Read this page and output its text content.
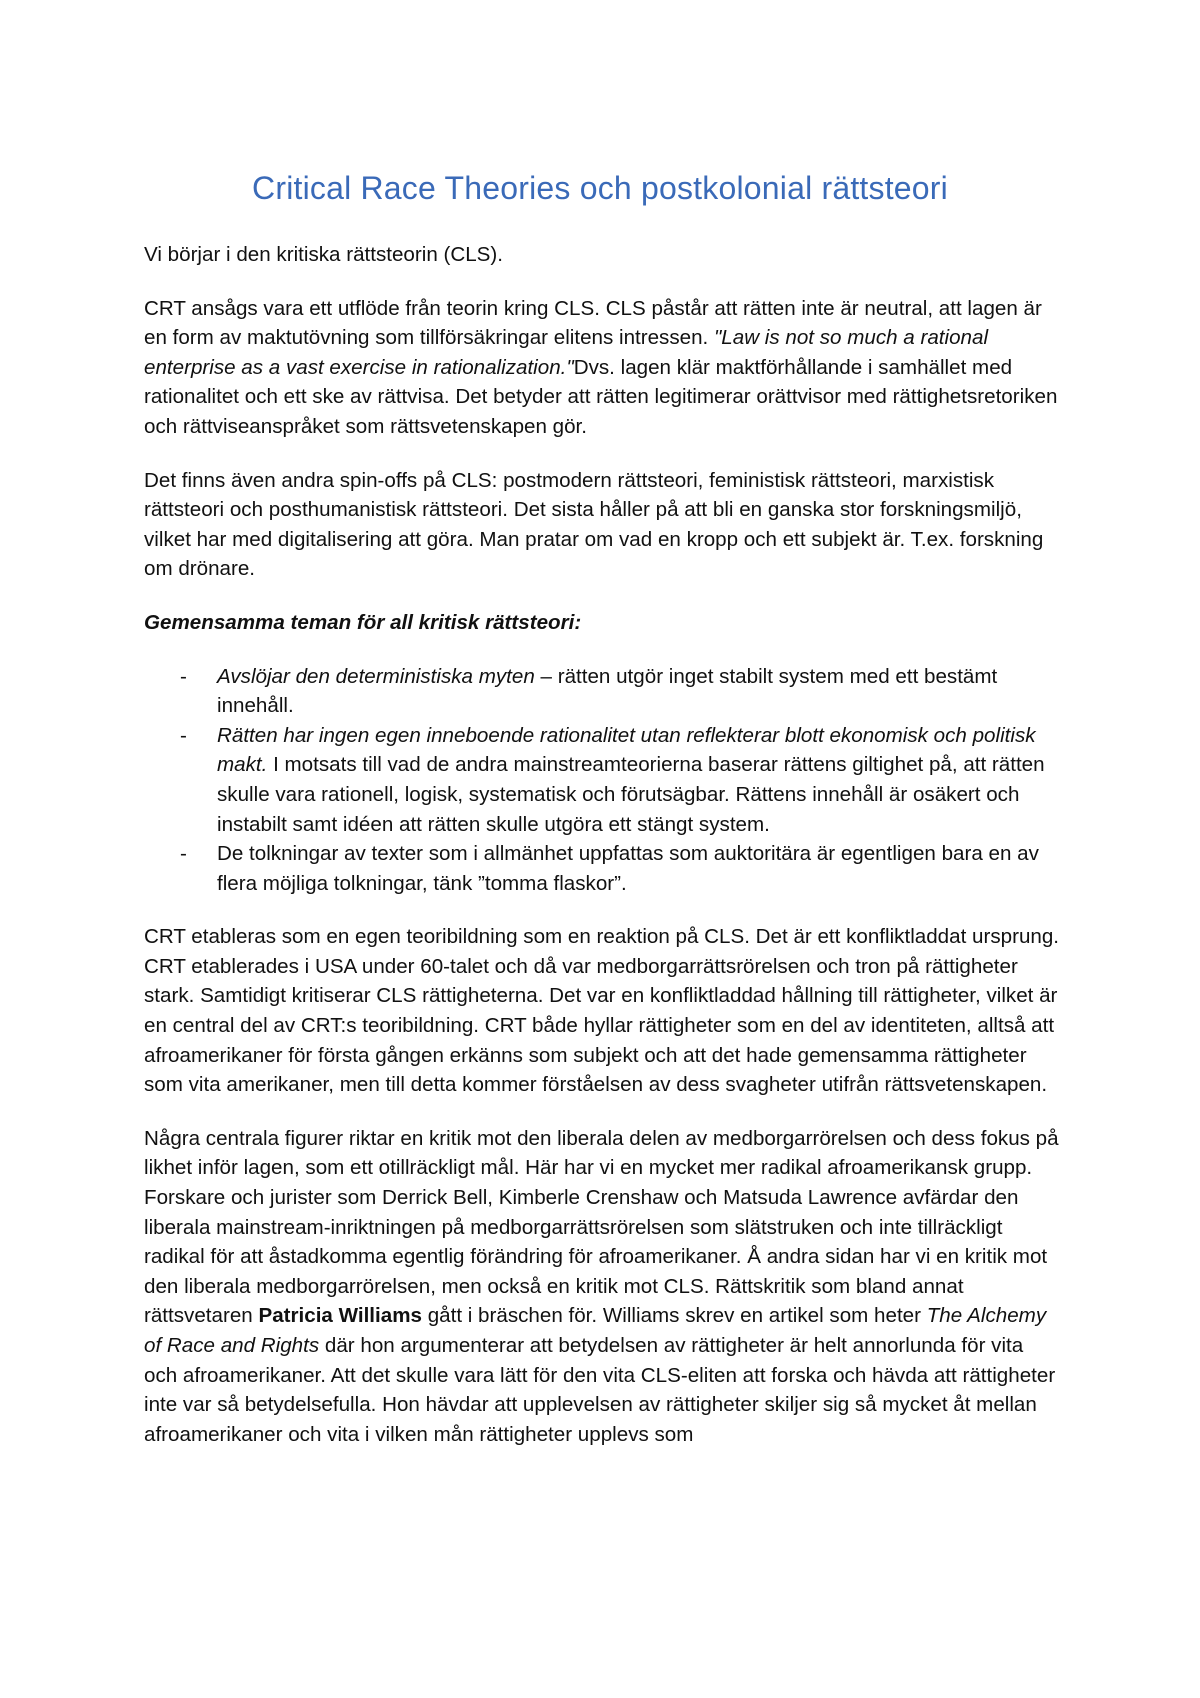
Critical Race Theories och postkolonial rättsteori

Vi börjar i den kritiska rättsteorin (CLS).

CRT ansågs vara ett utflöde från teorin kring CLS. CLS påstår att rätten inte är neutral, att lagen är en form av maktutövning som tillförsäkringar elitens intressen. "Law is not so much a rational enterprise as a vast exercise in rationalization."Dvs. lagen klär maktförhållande i samhället med rationalitet och ett ske av rättvisa. Det betyder att rätten legitimerar orättvisor med rättighetsretoriken och rättviseanspråket som rättsvetenskapen gör.

Det finns även andra spin-offs på CLS: postmodern rättsteori, feministisk rättsteori, marxistisk rättsteori och posthumanistisk rättsteori. Det sista håller på att bli en ganska stor forskningsmiljö, vilket har med digitalisering att göra. Man pratar om vad en kropp och ett subjekt är. T.ex. forskning om drönare.

Gemensamma teman för all kritisk rättsteori:

- Avslöjar den deterministiska myten – rätten utgör inget stabilt system med ett bestämt innehåll.
- Rätten har ingen egen inneboende rationalitet utan reflekterar blott ekonomisk och politisk makt. I motsats till vad de andra mainstreamteorierna baserar rättens giltighet på, att rätten skulle vara rationell, logisk, systematisk och förutsägbar. Rättens innehåll är osäkert och instabilt samt idéen att rätten skulle utgöra ett stängt system.
- De tolkningar av texter som i allmänhet uppfattas som auktoritära är egentligen bara en av flera möjliga tolkningar, tänk ”tomma flaskor”.

CRT etableras som en egen teoribildning som en reaktion på CLS. Det är ett konfliktladdat ursprung. CRT etablerades i USA under 60-talet och då var medborgarrättsrörelsen och tron på rättigheter stark. Samtidigt kritiserar CLS rättigheterna. Det var en konfliktladdad hållning till rättigheter, vilket är en central del av CRT:s teoribildning. CRT både hyllar rättigheter som en del av identiteten, alltså att afroamerikaner för första gången erkänns som subjekt och att det hade gemensamma rättigheter som vita amerikaner, men till detta kommer förståelsen av dess svagheter utifrån rättsvetenskapen.

Några centrala figurer riktar en kritik mot den liberala delen av medborgarrörelsen och dess fokus på likhet inför lagen, som ett otillräckligt mål. Här har vi en mycket mer radikal afroamerikansk grupp. Forskare och jurister som Derrick Bell, Kimberle Crenshaw och Matsuda Lawrence avfärdar den liberala mainstream-inriktningen på medborgarrättsrörelsen som slätstruken och inte tillräckligt radikal för att åstadkomma egentlig förändring för afroamerikaner. Å andra sidan har vi en kritik mot den liberala medborgarrörelsen, men också en kritik mot CLS. Rättskritik som bland annat rättsvetaren Patricia Williams gått i bräschen för. Williams skrev en artikel som heter The Alchemy of Race and Rights där hon argumenterar att betydelsen av rättigheter är helt annorlunda för vita och afroamerikaner. Att det skulle vara lätt för den vita CLS-eliten att forska och hävda att rättigheter inte var så betydelsefulla. Hon hävdar att upplevelsen av rättigheter skiljer sig så mycket åt mellan afroamerikaner och vita i vilken mån rättigheter upplevs som
